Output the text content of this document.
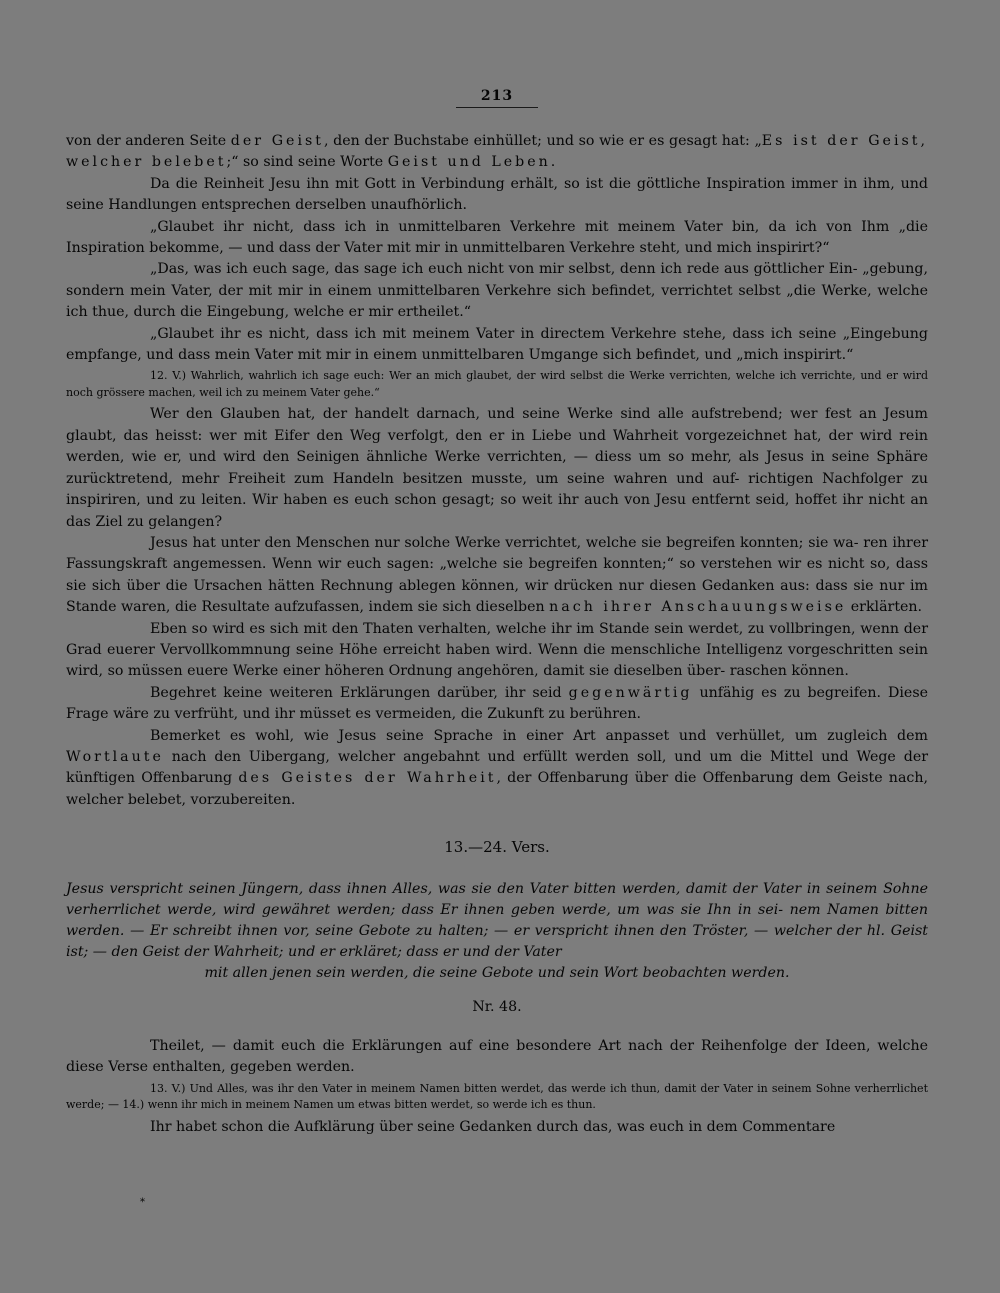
213

von der anderen Seite der Geist, den der Buchstabe einhüllet; und so wie er es gesagt hat: „Es ist der Geist, welcher belebet;“ so sind seine Worte Geist und Leben.

Da die Reinheit Jesu ihn mit Gott in Verbindung erhält, so ist die göttliche Inspiration immer in ihm, und seine Handlungen entsprechen derselben unaufhörlich.

„Glaubet ihr nicht, dass ich in unmittelbaren Verkehre mit meinem Vater bin, da ich von Ihm „die Inspiration bekomme, — und dass der Vater mit mir in unmittelbaren Verkehre steht, und mich inspirirt?“

„Das, was ich euch sage, das sage ich euch nicht von mir selbst, denn ich rede aus göttlicher Ein- „gebung, sondern mein Vater, der mit mir in einem unmittelbaren Verkehre sich befindet, verrichtet selbst „die Werke, welche ich thue, durch die Eingebung, welche er mir ertheilet.“

„Glaubet ihr es nicht, dass ich mit meinem Vater in directem Verkehre stehe, dass ich seine „Eingebung empfange, und dass mein Vater mit mir in einem unmittelbaren Umgange sich befindet, und „mich inspirirt.“

12. V.) Wahrlich, wahrlich ich sage euch: Wer an mich glaubet, der wird selbst die Werke verrichten, welche ich verrichte, und er wird noch grössere machen, weil ich zu meinem Vater gehe.“

Wer den Glauben hat, der handelt darnach, und seine Werke sind alle aufstrebend; wer fest an Jesum glaubt, das heisst: wer mit Eifer den Weg verfolgt, den er in Liebe und Wahrheit vorgezeichnet hat, der wird rein werden, wie er, und wird den Seinigen ähnliche Werke verrichten, — diess um so mehr, als Jesus in seine Sphäre zurücktretend, mehr Freiheit zum Handeln besitzen musste, um seine wahren und auf- richtigen Nachfolger zu inspiriren, und zu leiten. Wir haben es euch schon gesagt; so weit ihr auch von Jesu entfernt seid, hoffet ihr nicht an das Ziel zu gelangen?

Jesus hat unter den Menschen nur solche Werke verrichtet, welche sie begreifen konnten; sie wa- ren ihrer Fassungskraft angemessen. Wenn wir euch sagen: „welche sie begreifen konnten;“ so verstehen wir es nicht so, dass sie sich über die Ursachen hätten Rechnung ablegen können, wir drücken nur diesen Gedanken aus: dass sie nur im Stande waren, die Resultate aufzufassen, indem sie sich dieselben nach ihrer Anschauungsweise erklärten.

Eben so wird es sich mit den Thaten verhalten, welche ihr im Stande sein werdet, zu vollbringen, wenn der Grad euerer Vervollkommnung seine Höhe erreicht haben wird. Wenn die menschliche Intelligenz vorgeschritten sein wird, so müssen euere Werke einer höheren Ordnung angehören, damit sie dieselben über- raschen können.

Begehret keine weiteren Erklärungen darüber, ihr seid gegenwärtig unfähig es zu begreifen. Diese Frage wäre zu verfrüht, und ihr müsset es vermeiden, die Zukunft zu berühren.

Bemerket es wohl, wie Jesus seine Sprache in einer Art anpasset und verhüllet, um zugleich dem Wortlaute nach den Uibergang, welcher angebahnt und erfüllt werden soll, und um die Mittel und Wege der künftigen Offenbarung des Geistes der Wahrheit, der Offenbarung über die Offenbarung dem Geiste nach, welcher belebet, vorzubereiten.

13.—24. Vers.

Jesus verspricht seinen Jüngern, dass ihnen Alles, was sie den Vater bitten werden, damit der Vater in seinem Sohne verherrlichet werde, wird gewähret werden; dass Er ihnen geben werde, um was sie Ihn in sei- nem Namen bitten werden. — Er schreibt ihnen vor, seine Gebote zu halten; — er verspricht ihnen den Tröster, — welcher der hl. Geist ist; — den Geist der Wahrheit; und er erkläret; dass er und der Vater

mit allen jenen sein werden, die seine Gebote und sein Wort beobachten werden.

Nr. 48.

Theilet, — damit euch die Erklärungen auf eine besondere Art nach der Reihenfolge der Ideen, welche diese Verse enthalten, gegeben werden.

13. V.) Und Alles, was ihr den Vater in meinem Namen bitten werdet, das werde ich thun, damit der Vater in seinem Sohne verherrlichet werde; — 14.) wenn ihr mich in meinem Namen um etwas bitten werdet, so werde ich es thun.

Ihr habet schon die Aufklärung über seine Gedanken durch das, was euch in dem Commentare

*
